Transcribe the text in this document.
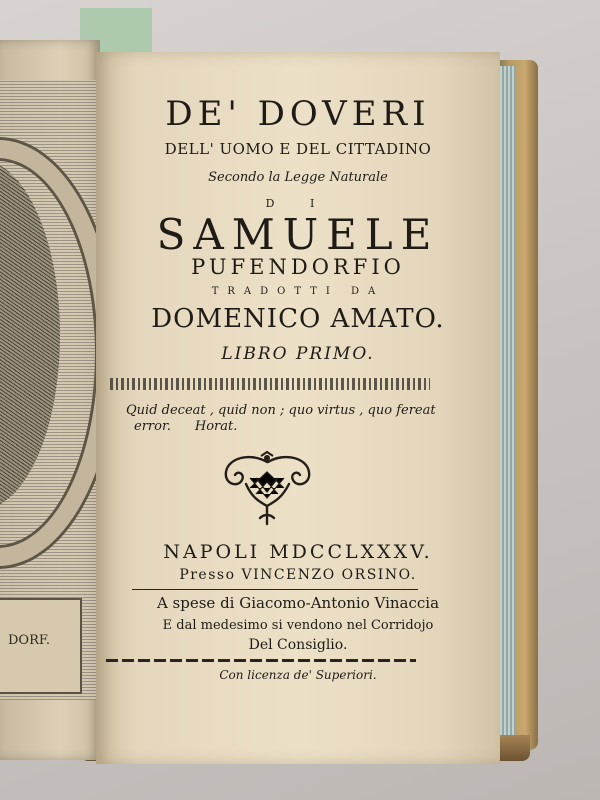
DORF.
DE' DOVERI
DELL' UOMO E DEL CITTADINO
Secondo la Legge Naturale
D I
SAMUELE
PUFENDORFIO
TRADOTTI DA
DOMENICO AMATO.
LIBRO PRIMO.
Quid deceat , quid non ; quo virtus , quo fereat
error. Horat.
NAPOLI MDCCLXXXV.
Presso VINCENZO ORSINO.
A spese di Giacomo-Antonio Vinaccia
E dal medesimo si vendono nel Corridojo
Del Consiglio.
Con licenza de' Superiori.
